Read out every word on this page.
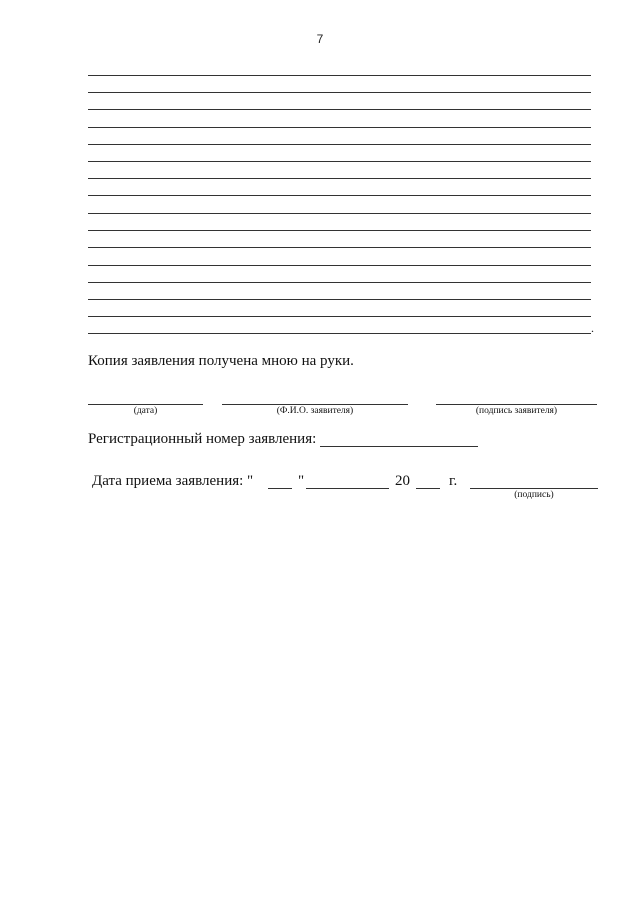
7
.
Копия заявления получена мною на руки.
(дата)	(Ф.И.О. заявителя)	(подпись заявителя)
Регистрационный номер заявления:
Дата приема заявления: "	"	20	г.
(подпись)
